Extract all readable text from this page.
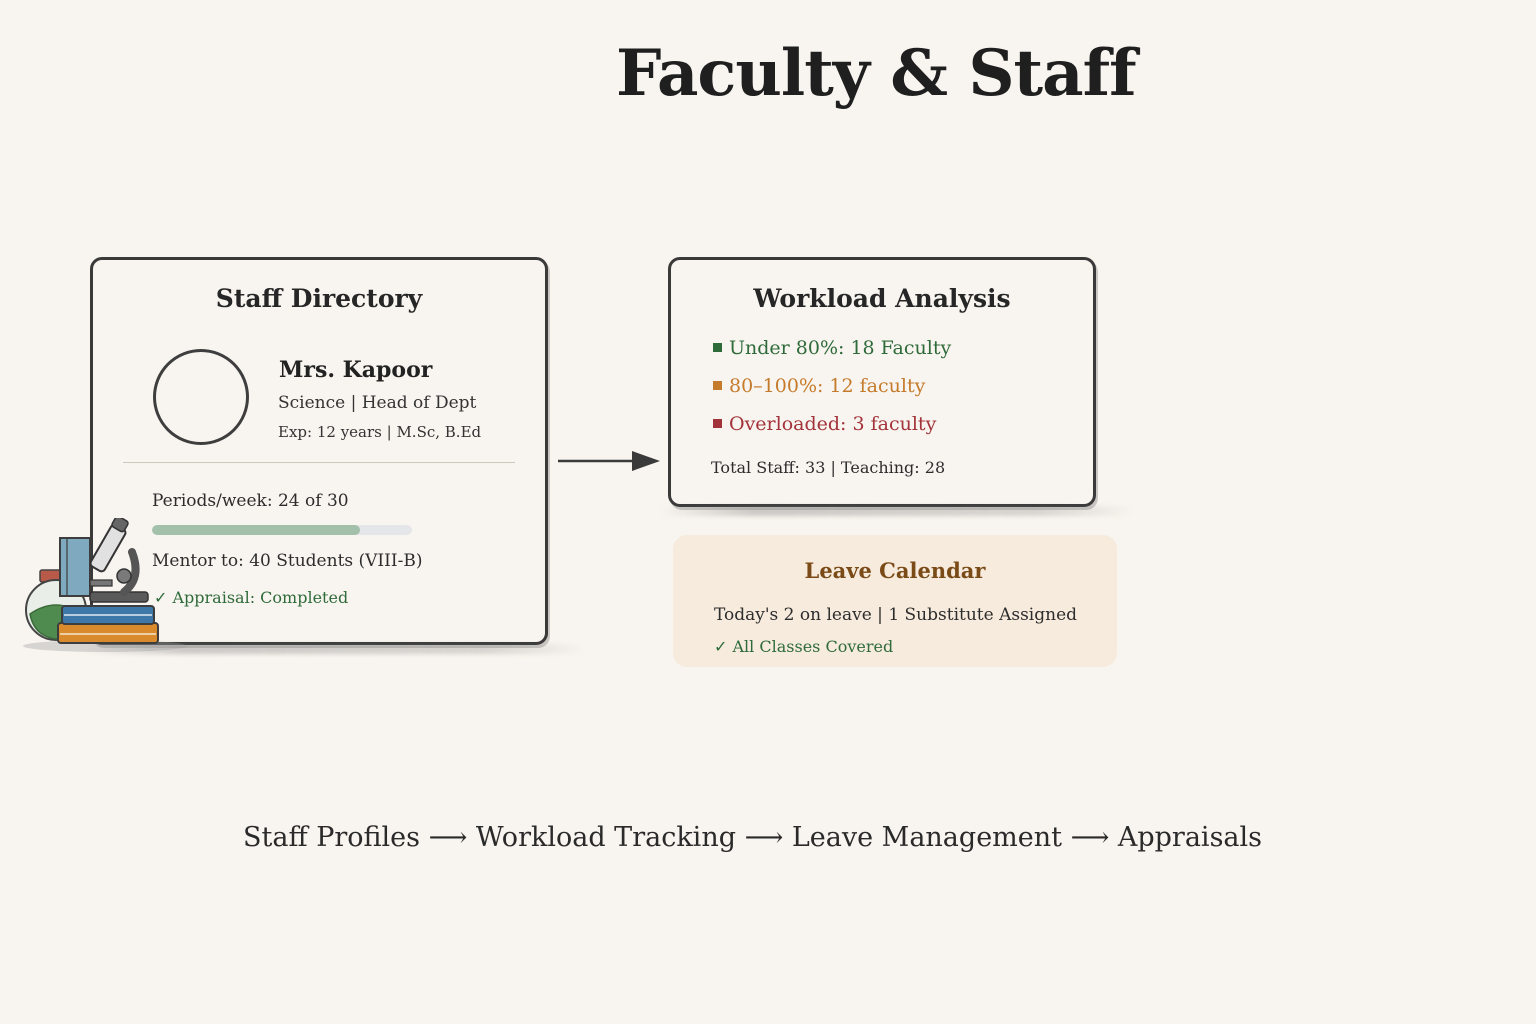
Faculty & Staff
Staff Directory
Mrs. Kapoor
Science | Head of Dept
Exp: 12 years | M.Sc, B.Ed
Periods/week: 24 of 30
Mentor to: 40 Students (VIII-B)
✓ Appraisal: Completed
Workload Analysis
Under 80%: 18 Faculty
80–100%: 12 faculty
Overloaded: 3 faculty
Total Staff: 33 | Teaching: 28
Leave Calendar
Today's 2 on leave | 1 Substitute Assigned
✓ All Classes Covered
Staff Profiles ⟶ Workload Tracking ⟶ Leave Management ⟶ Appraisals
